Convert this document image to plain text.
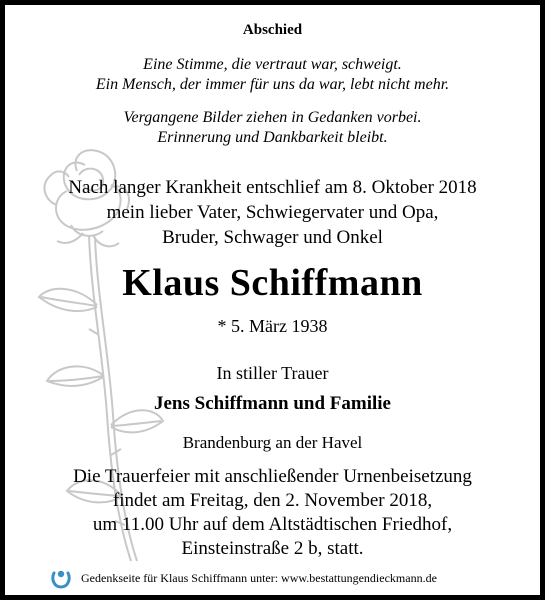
Abschied
Eine Stimme, die vertraut war, schweigt.
Ein Mensch, der immer für uns da war, lebt nicht mehr.
Vergangene Bilder ziehen in Gedanken vorbei.
Erinnerung und Dankbarkeit bleibt.
Nach langer Krankheit entschlief am 8. Oktober 2018
mein lieber Vater, Schwiegervater und Opa,
Bruder, Schwager und Onkel
Klaus Schiffmann
* 5. März 1938
In stiller Trauer
Jens Schiffmann und Familie
Brandenburg an der Havel
Die Trauerfeier mit anschließender Urnenbeisetzung
findet am Freitag, den 2. November 2018,
um 11.00 Uhr auf dem Altstädtischen Friedhof,
Einsteinstraße 2 b, statt.
Gedenkseite für Klaus Schiffmann unter: www.bestattungendieckmann.de
